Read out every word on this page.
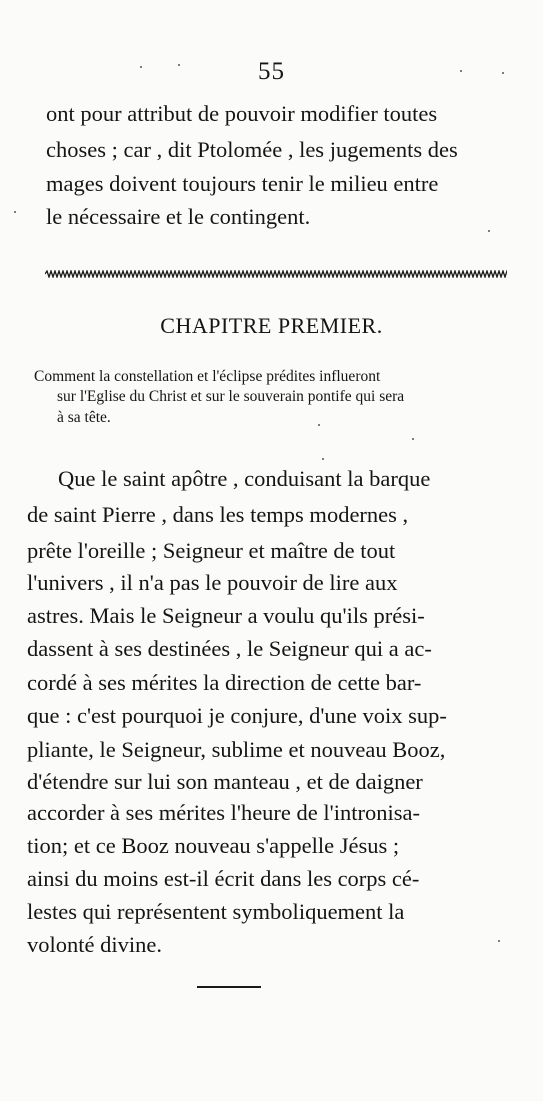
55
ont pour attribut de pouvoir modifier toutes
choses ; car , dit Ptolomée , les jugements des
mages doivent toujours tenir le milieu entre
le nécessaire et le contingent.
CHAPITRE PREMIER.
Comment la constellation et l'éclipse prédites influeront
sur l'Eglise du Christ et sur le souverain pontife qui sera
à sa tête.
Que le saint apôtre , conduisant la barque
de saint Pierre , dans les temps modernes ,
prête l'oreille ; Seigneur et maître de tout
l'univers , il n'a pas le pouvoir de lire aux
astres. Mais le Seigneur a voulu qu'ils prési-
dassent à ses destinées , le Seigneur qui a ac-
cordé à ses mérites la direction de cette bar-
que : c'est pourquoi je conjure, d'une voix sup-
pliante, le Seigneur, sublime et nouveau Booz,
d'étendre sur lui son manteau , et de daigner
accorder à ses mérites l'heure de l'intronisa-
tion; et ce Booz nouveau s'appelle Jésus ;
ainsi du moins est-il écrit dans les corps cé-
lestes qui représentent symboliquement la
volonté divine.
